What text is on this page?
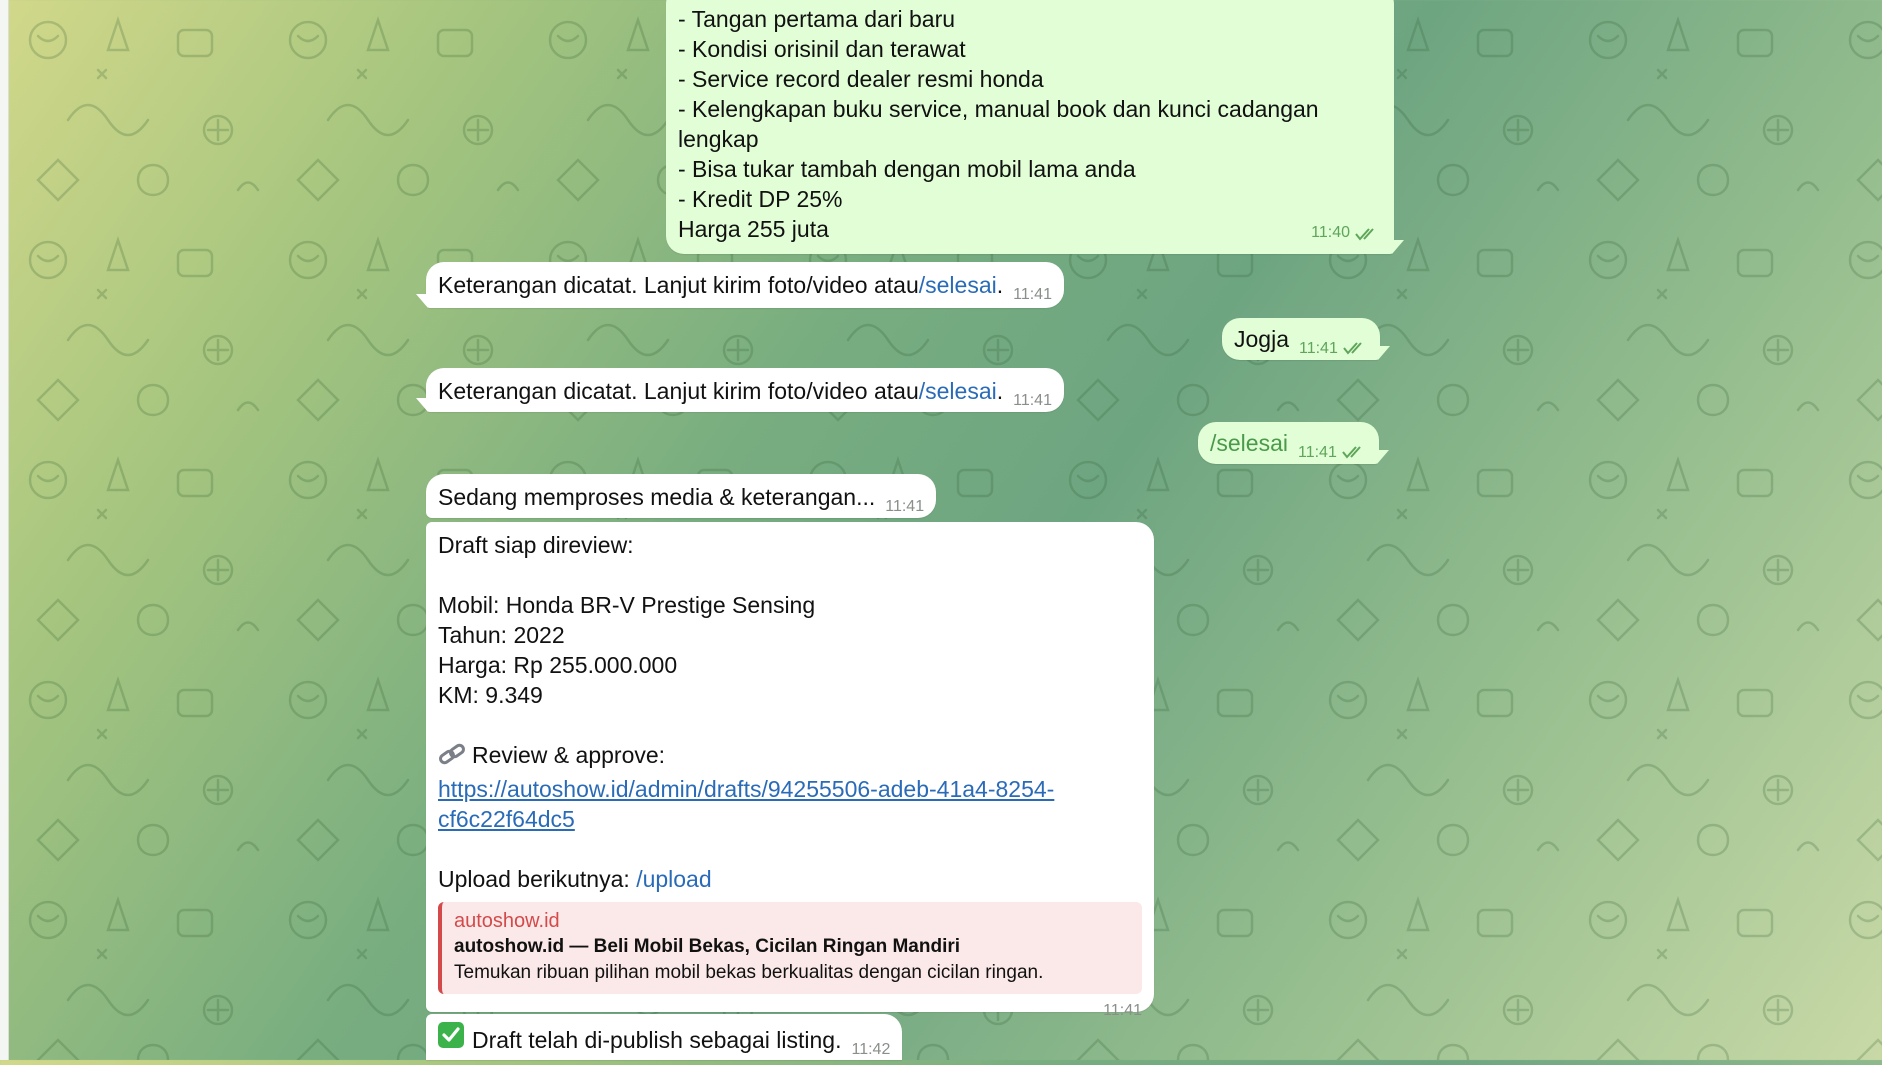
- Tangan pertama dari baru
- Kondisi orisinil dan terawat
- Service record dealer resmi honda
- Kelengkapan buku service, manual book dan kunci cadangan
lengkap
- Bisa tukar tambah dengan mobil lama anda
- Kredit DP 25%
Harga 255 juta	11:40
Keterangan dicatat. Lanjut kirim foto/video atau /selesai . 11:41
Jogja 11:41
Keterangan dicatat. Lanjut kirim foto/video atau /selesai . 11:41
/selesai 11:41
Sedang memproses media & keterangan... 11:41
Draft siap direview:
Mobil: Honda BR-V Prestige Sensing
Tahun: 2022
Harga: Rp 255.000.000
KM: 9.349
Review & approve:
https://autoshow.id/admin/drafts/94255506-adeb-41a4-8254-
cf6c22f64dc5
Upload berikutnya: /upload
autoshow.id
autoshow.id — Beli Mobil Bekas, Cicilan Ringan Mandiri
Temukan ribuan pilihan mobil bekas berkualitas dengan cicilan ringan.
11:41
Draft telah di-publish sebagai listing. 11:42
